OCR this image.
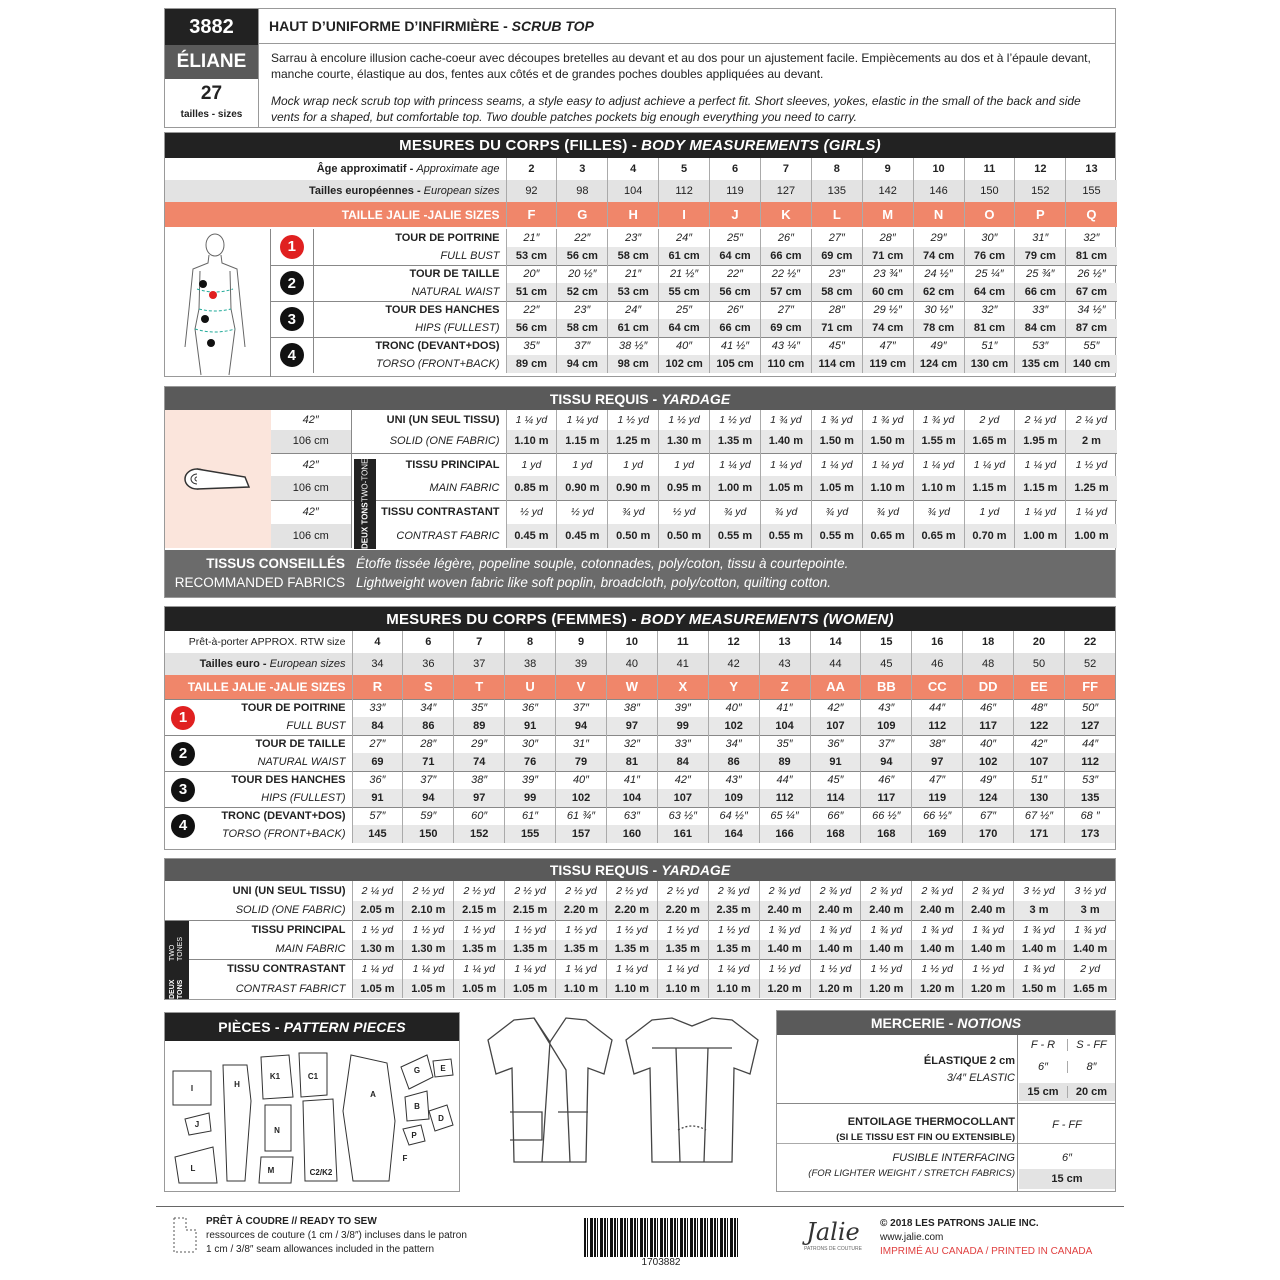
3882
ÉLIANE
27
tailles - sizes
HAUT D’UNIFORME D’INFIRMIÈRE - SCRUB TOP
Sarrau à encolure illusion cache-coeur avec découpes bretelles au devant et au dos pour un ajustement facile. Empiècements au dos et à l’épaule devant, manche courte, élastique au dos, fentes aux côtés et de grandes poches doubles appliquées au devant.
Mock wrap neck scrub top with princess seams, a style easy to adjust achieve a perfect fit. Short sleeves, yokes, elastic in the small of the back and side vents for a shaped, but comfortable top. Two double patches pockets big enough everything you need to carry.
MESURES DU CORPS (FILLES) - BODY MEASUREMENTS (GIRLS)
Âge approximatif - Approximate age	2	3	4	5	6	7	8	9	10	11	12	13
Tailles européennes - European sizes	92	98	104	112	119	127	135	142	146	150	152	155
TAILLE JALIE -JALIE SIZES	F	G	H	I	J	K	L	M	N	O	P	Q
1	TOUR DE POITRINE	21″	22″	23″	24″	25″	26″	27″	28″	29″	30″	31″	32″
	FULL BUST	53 cm	56 cm	58 cm	61 cm	64 cm	66 cm	69 cm	71 cm	74 cm	76 cm	79 cm	81 cm
2	TOUR DE TAILLE	20″	20 ½″	21″	21 ½″	22″	22 ½″	23″	23 ¾″	24 ½″	25 ¼″	25 ¾″	26 ½″
	NATURAL WAIST	51 cm	52 cm	53 cm	55 cm	56 cm	57 cm	58 cm	60 cm	62 cm	64 cm	66 cm	67 cm
3	TOUR DES HANCHES	22″	23″	24″	25″	26″	27″	28″	29 ½″	30 ½″	32″	33″	34 ½″
	HIPS (FULLEST)	56 cm	58 cm	61 cm	64 cm	66 cm	69 cm	71 cm	74 cm	78 cm	81 cm	84 cm	87 cm
4	TRONC (DEVANT+DOS)	35″	37″	38 ½″	40″	41 ½″	43 ¼″	45″	47″	49″	51″	53″	55″
	TORSO (FRONT+BACK)	89 cm	94 cm	98 cm	102 cm	105 cm	110 cm	114 cm	119 cm	124 cm	130 cm	135 cm	140 cm
TISSU REQUIS - YARDAGE
42″	UNI (UN SEUL TISSU)	1 ¼ yd	1 ¼ yd	1 ½ yd	1 ½ yd	1 ½ yd	1 ¾ yd	1 ¾ yd	1 ¾ yd	1 ¾ yd	2 yd	2 ¼ yd	2 ¼ yd
106 cm	SOLID (ONE FABRIC)	1.10 m	1.15 m	1.25 m	1.30 m	1.35 m	1.40 m	1.50 m	1.50 m	1.55 m	1.65 m	1.95 m	2 m
42″	TISSU PRINCIPAL	1 yd	1 yd	1 yd	1 yd	1 ¼ yd	1 ¼ yd	1 ¼ yd	1 ¼ yd	1 ¼ yd	1 ¼ yd	1 ¼ yd	1 ½ yd
106 cm	MAIN FABRIC	0.85 m	0.90 m	0.90 m	0.95 m	1.00 m	1.05 m	1.05 m	1.10 m	1.10 m	1.15 m	1.15 m	1.25 m
42″	TISSU CONTRASTANT	½ yd	½ yd	¾ yd	½ yd	¾ yd	¾ yd	¾ yd	¾ yd	¾ yd	1 yd	1 ¼ yd	1 ¼ yd
106 cm	CONTRAST FABRIC	0.45 m	0.45 m	0.50 m	0.50 m	0.55 m	0.55 m	0.55 m	0.65 m	0.65 m	0.70 m	1.00 m	1.00 m
DEUX TONS
TWO-TONE
TISSUS CONSEILLÉS
RECOMMANDED FABRICS
Étoffe tissée légère, popeline souple, cotonnades, poly/coton, tissu à courtepointe.
Lightweight woven fabric like soft poplin, broadcloth, poly/cotton, quilting cotton.
MESURES DU CORPS (FEMMES) - BODY MEASUREMENTS (WOMEN)
Prêt-à-porter APPROX. RTW size	4	6	7	8	9	10	11	12	13	14	15	16	18	20	22
Tailles euro - European sizes	34	36	37	38	39	40	41	42	43	44	45	46	48	50	52
TAILLE JALIE -JALIE SIZES	R	S	T	U	V	W	X	Y	Z	AA	BB	CC	DD	EE	FF

1
TOUR DE POITRINE	33″	34″	35″	36″	37″	38″	39″	40″	41″	42″	43″	44″	46″	48″	50″
FULL BUST	84	86	89	91	94	97	99	102	104	107	109	112	117	122	127

2
TOUR DE TAILLE	27″	28″	29″	30″	31″	32″	33″	34″	35″	36″	37″	38″	40″	42″	44″
NATURAL WAIST	69	71	74	76	79	81	84	86	89	91	94	97	102	107	112

3
TOUR DES HANCHES	36″	37″	38″	39″	40″	41″	42″	43″	44″	45″	46″	47″	49″	51″	53″
HIPS (FULLEST)	91	94	97	99	102	104	107	109	112	114	117	119	124	130	135

4
TRONC (DEVANT+DOS)	57″	59″	60″	61″	61 ¾″	63″	63 ½″	64 ½″	65 ¼″	66″	66 ½″	66 ½″	67″	67 ½″	68 ″
TORSO (FRONT+BACK)	145	150	152	155	157	160	161	164	166	168	168	169	170	171	173
TISSU REQUIS - YARDAGE
UNI (UN SEUL TISSU)	2 ¼ yd	2 ½ yd	2 ½ yd	2 ½ yd	2 ½ yd	2 ½ yd	2 ½ yd	2 ¾ yd	2 ¾ yd	2 ¾ yd	2 ¾ yd	2 ¾ yd	2 ¾ yd	3 ½ yd	3 ½ yd
SOLID (ONE FABRIC)	2.05 m	2.10 m	2.15 m	2.15 m	2.20 m	2.20 m	2.20 m	2.35 m	2.40 m	2.40 m	2.40 m	2.40 m	2.40 m	3 m	3 m
TISSU PRINCIPAL	1 ½ yd	1 ½ yd	1 ½ yd	1 ½ yd	1 ½ yd	1 ½ yd	1 ½ yd	1 ½ yd	1 ¾ yd	1 ¾ yd	1 ¾ yd	1 ¾ yd	1 ¾ yd	1 ¾ yd	1 ¾ yd
MAIN FABRIC	1.30 m	1.30 m	1.35 m	1.35 m	1.35 m	1.35 m	1.35 m	1.35 m	1.40 m	1.40 m	1.40 m	1.40 m	1.40 m	1.40 m	1.40 m
TISSU CONTRASTANT	1 ¼ yd	1 ¼ yd	1 ¼ yd	1 ¼ yd	1 ¼ yd	1 ¼ yd	1 ¼ yd	1 ¼ yd	1 ½ yd	1 ½ yd	1 ½ yd	1 ½ yd	1 ½ yd	1 ¾ yd	2 yd
CONTRAST FABRICT	1.05 m	1.05 m	1.05 m	1.05 m	1.10 m	1.10 m	1.10 m	1.10 m	1.20 m	1.20 m	1.20 m	1.20 m	1.20 m	1.50 m	1.65 m
DEUX TONS
TWO TONES
PIÈCES - PATTERN PIECES
I	H
K1	C1
A
J
N
M
L	C2/K2
G
B
P
D
E
F
MERCERIE - NOTIONS
F - R	S - FF
ÉLASTIQUE 2 cm
3/4″ ELASTIC
6″	8″
15 cm	20 cm
ENTOILAGE THERMOCOLLANT
(SI LE TISSU EST FIN OU EXTENSIBLE)
F - FF
FUSIBLE INTERFACING
(FOR LIGHTER WEIGHT / STRETCH FABRICS)
6″
15 cm
PRÊT À COUDRE // READY TO SEW
ressources de couture (1 cm / 3/8″) incluses dans le patron
1 cm / 3/8″ seam allowances included in the pattern
1703882
Jalie
PATRONS DE COUTURE
© 2018 LES PATRONS JALIE INC.
www.jalie.com
IMPRIMÉ AU CANADA / PRINTED IN CANADA
